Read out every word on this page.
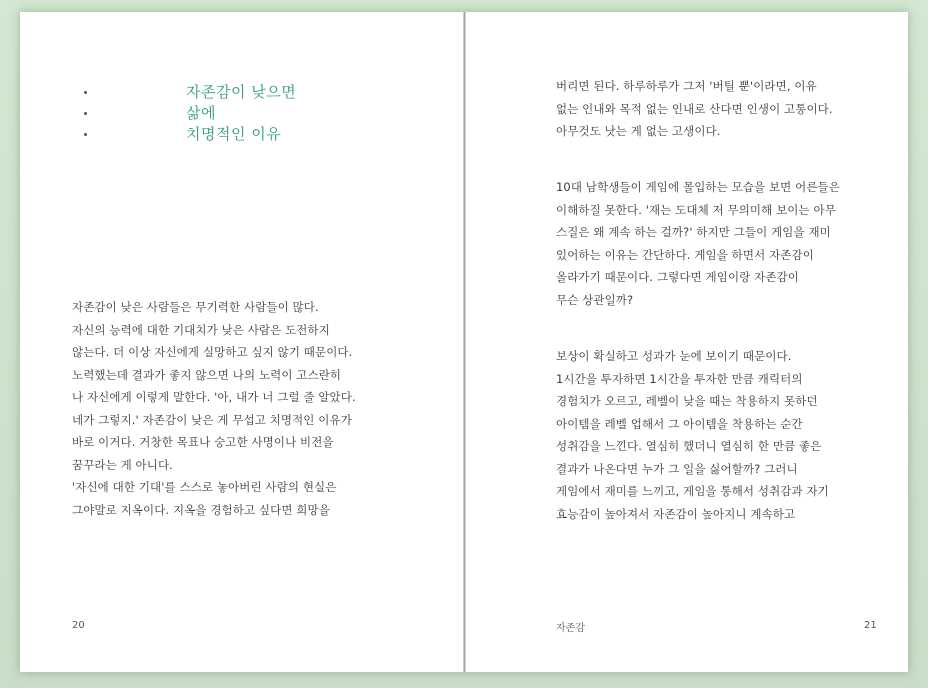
자존감이 낮으면
삶에
치명적인 이유
자존감이 낮은 사람들은 무기력한 사람들이 많다.
자신의 능력에 대한 기대치가 낮은 사람은 도전하지
않는다. 더 이상 자신에게 실망하고 싶지 않기 때문이다.
노력했는데 결과가 좋지 않으면 나의 노력이 고스란히
나 자신에게 이렇게 말한다. '아, 내가 너 그럴 줄 알았다.
네가 그렇지.' 자존감이 낮은 게 무섭고 치명적인 이유가
바로 이거다. 거창한 목표나 숭고한 사명이나 비전을
꿈꾸라는 게 아니다.
'자신에 대한 기대'를 스스로 놓아버린 사람의 현실은
그야말로 지옥이다. 지옥을 경험하고 싶다면 희망을
20
버리면 된다. 하루하루가 그저 '버틸 뿐'이라면, 이유
없는 인내와 목적 없는 인내로 산다면 인생이 고통이다.
아무것도 낫는 게 없는 고생이다.
10대 남학생들이 게임에 몰입하는 모습을 보면 어른들은
이해하질 못한다. '재는 도대체 저 무의미해 보이는 아무
스질은 왜 계속 하는 걸까?' 하지만 그들이 게임을 재미
있어하는 이유는 간단하다. 게임을 하면서 자존감이
올라가기 때문이다. 그렇다면 게임이랑 자존감이
무슨 상관일까?
보상이 확실하고 성과가 눈에 보이기 때문이다.
1시간을 투자하면 1시간을 투자한 만큼 캐릭터의
경험치가 오르고, 레벨이 낮을 때는 착용하지 못하던
아이템을 레벨 업해서 그 아이템을 착용하는 순간
성취감을 느낀다. 열심히 했더니 열심히 한 만큼 좋은
결과가 나온다면 누가 그 일을 싫어할까? 그러니
게임에서 재미를 느끼고, 게임을 통해서 성취감과 자기
효능감이 높아져서 자존감이 높아지니 계속하고
자존감	21
